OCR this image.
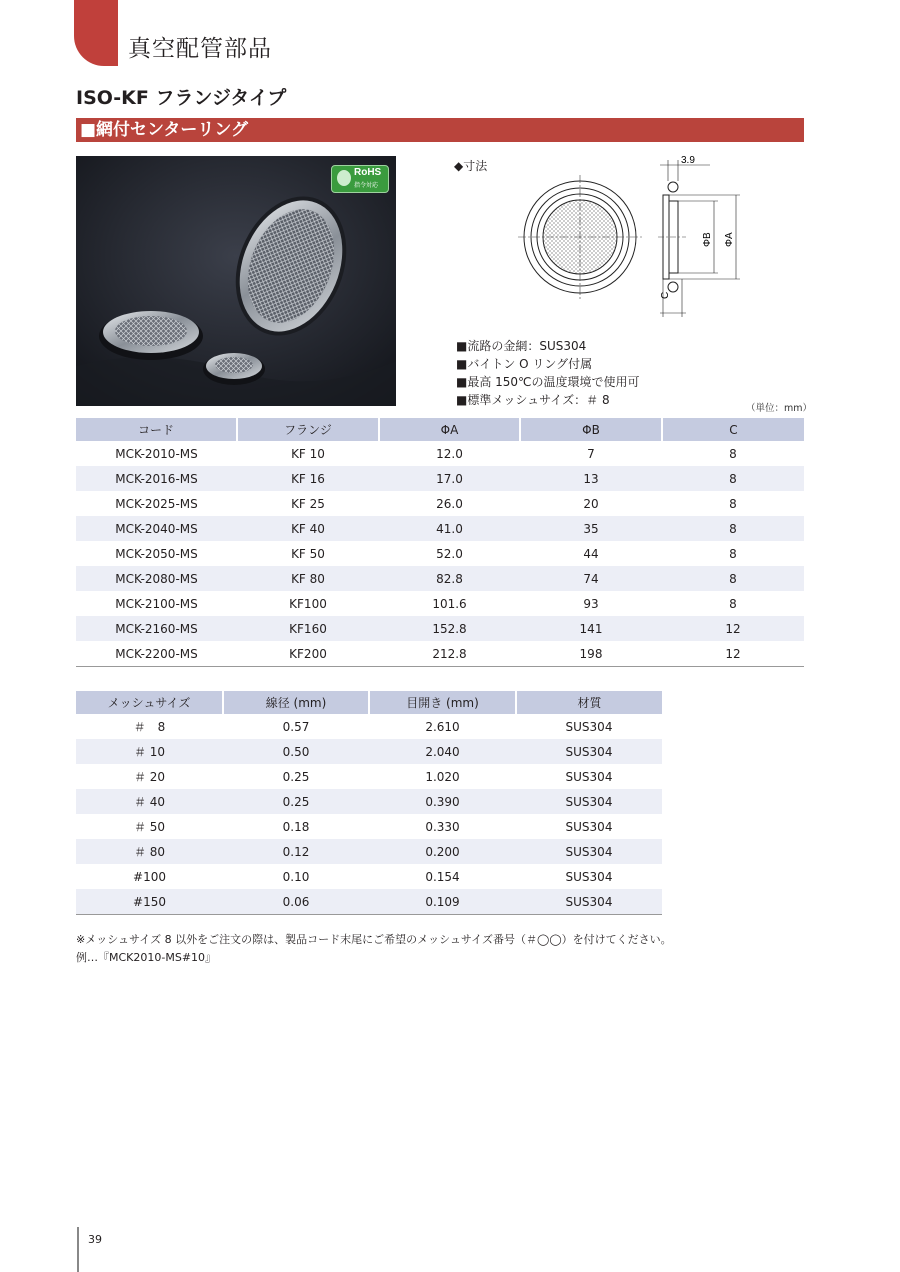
真空配管部品
ISO-KF フランジタイプ
■網付センターリング
RoHS
指令対応
◆寸法	3.9
ΦB ΦA
C
■流路の金網：SUS304
■バイトン O リング付属
■最高 150℃の温度環境で使用可
■標準メッシュサイズ：＃ 8
（単位：mm）
コード	フランジ	ΦA	ΦB	C
MCK-2010-MS	KF 10	12.0	7	8
MCK-2016-MS	KF 16	17.0	13	8
MCK-2025-MS	KF 25	26.0	20	8
MCK-2040-MS	KF 40	41.0	35	8
MCK-2050-MS	KF 50	52.0	44	8
MCK-2080-MS	KF 80	82.8	74	8
MCK-2100-MS	KF100	101.6	93	8
MCK-2160-MS	KF160	152.8	141	12
MCK-2200-MS	KF200	212.8	198	12
メッシュサイズ	線径 (mm)	目開き (mm)	材質
＃　8	0.57	2.610	SUS304
＃ 10	0.50	2.040	SUS304
＃ 20	0.25	1.020	SUS304
＃ 40	0.25	0.390	SUS304
＃ 50	0.18	0.330	SUS304
＃ 80	0.12	0.200	SUS304
#100	0.10	0.154	SUS304
#150	0.06	0.109	SUS304
※メッシュサイズ 8 以外をご注文の際は、製品コード末尾にご希望のメッシュサイズ番号（＃◯◯）を付けてください。
例…『MCK2010-MS#10』
39
